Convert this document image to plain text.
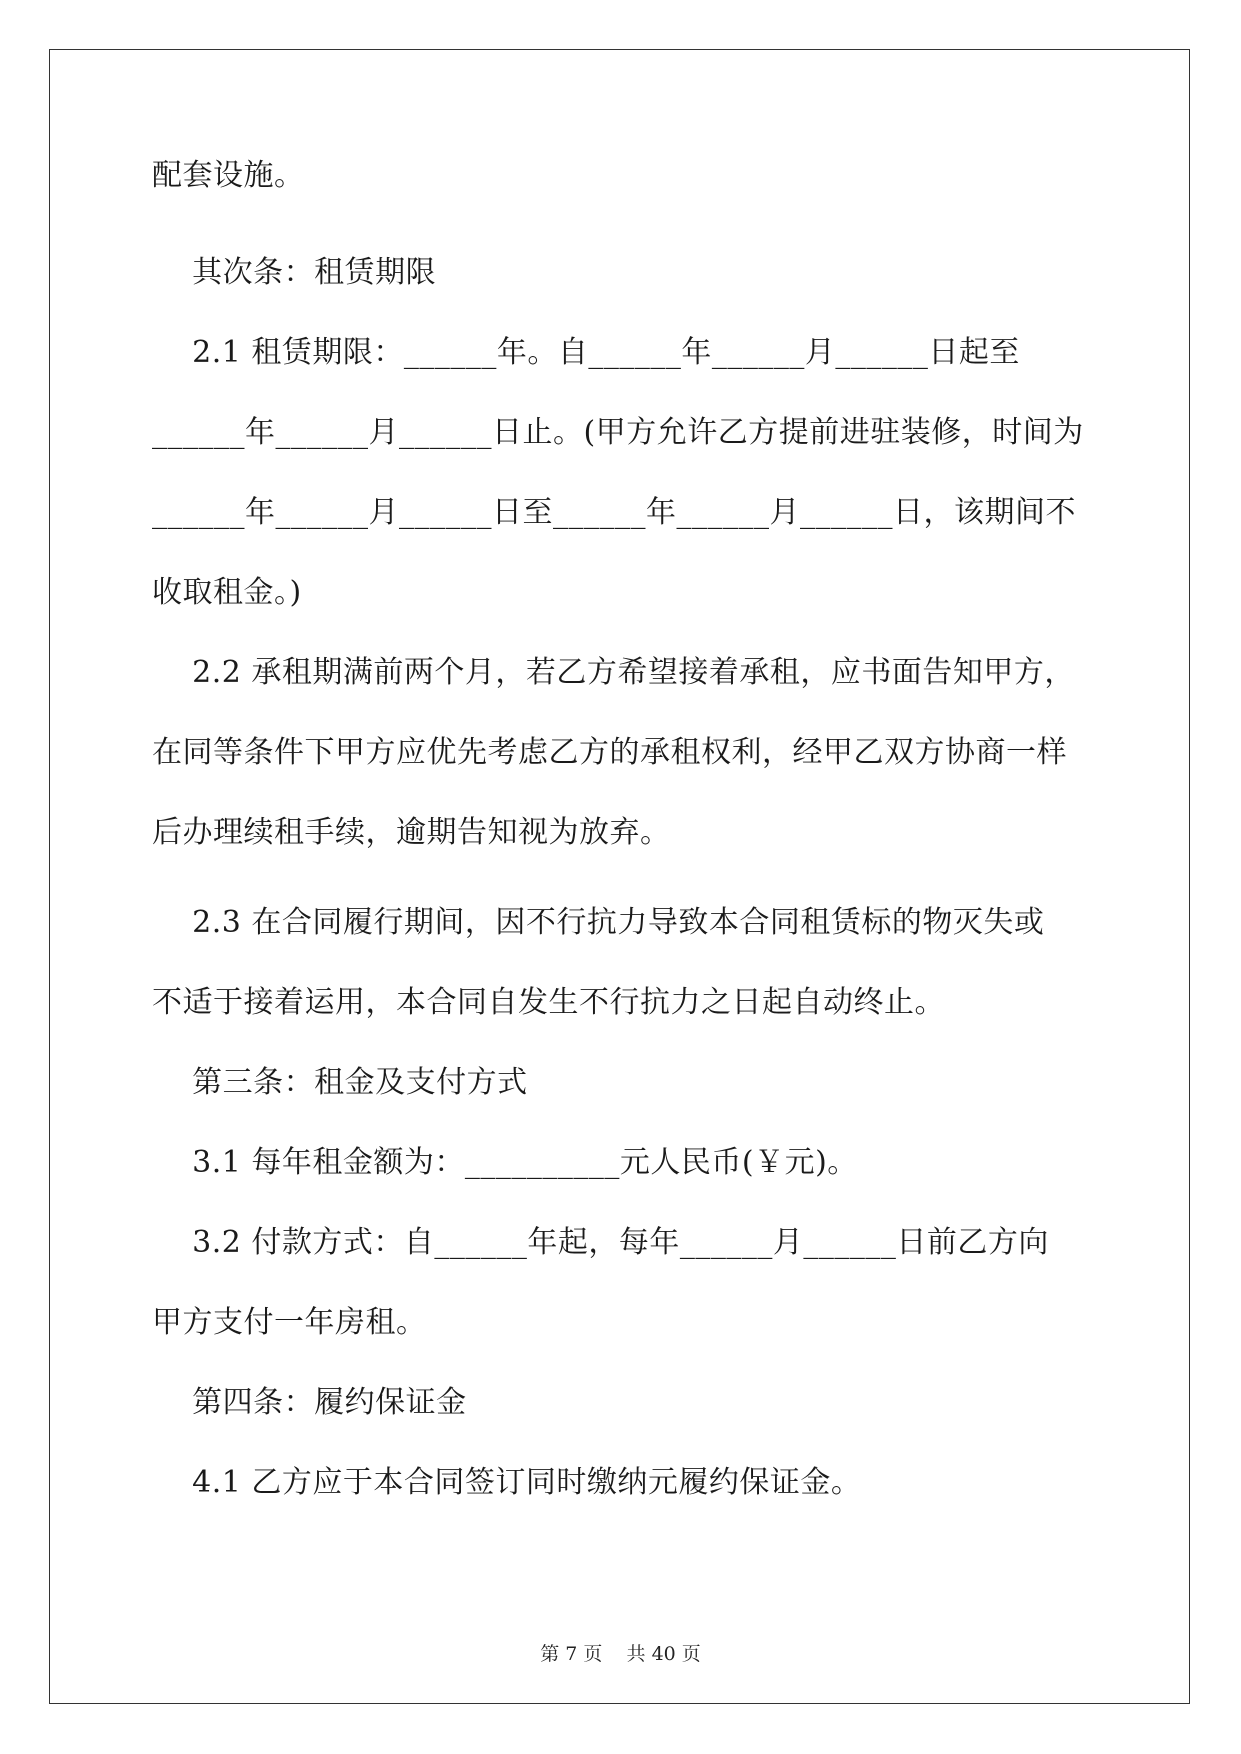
配套设施。
其次条：租赁期限
2.1 租赁期限：______年。自______年______月______日起至
______年______月______日止。(甲方允许乙方提前进驻装修，时间为
______年______月______日至______年______月______日，该期间不
收取租金。)
2.2 承租期满前两个月，若乙方希望接着承租，应书面告知甲方，
在同等条件下甲方应优先考虑乙方的承租权利，经甲乙双方协商一样
后办理续租手续，逾期告知视为放弃。
2.3 在合同履行期间，因不行抗力导致本合同租赁标的物灭失或
不适于接着运用，本合同自发生不行抗力之日起自动终止。
第三条：租金及支付方式
3.1 每年租金额为：__________元人民币(￥元)。
3.2 付款方式：自______年起，每年______月______日前乙方向
甲方支付一年房租。
第四条：履约保证金
4.1 乙方应于本合同签订同时缴纳元履约保证金。
第 7 页    共 40 页
